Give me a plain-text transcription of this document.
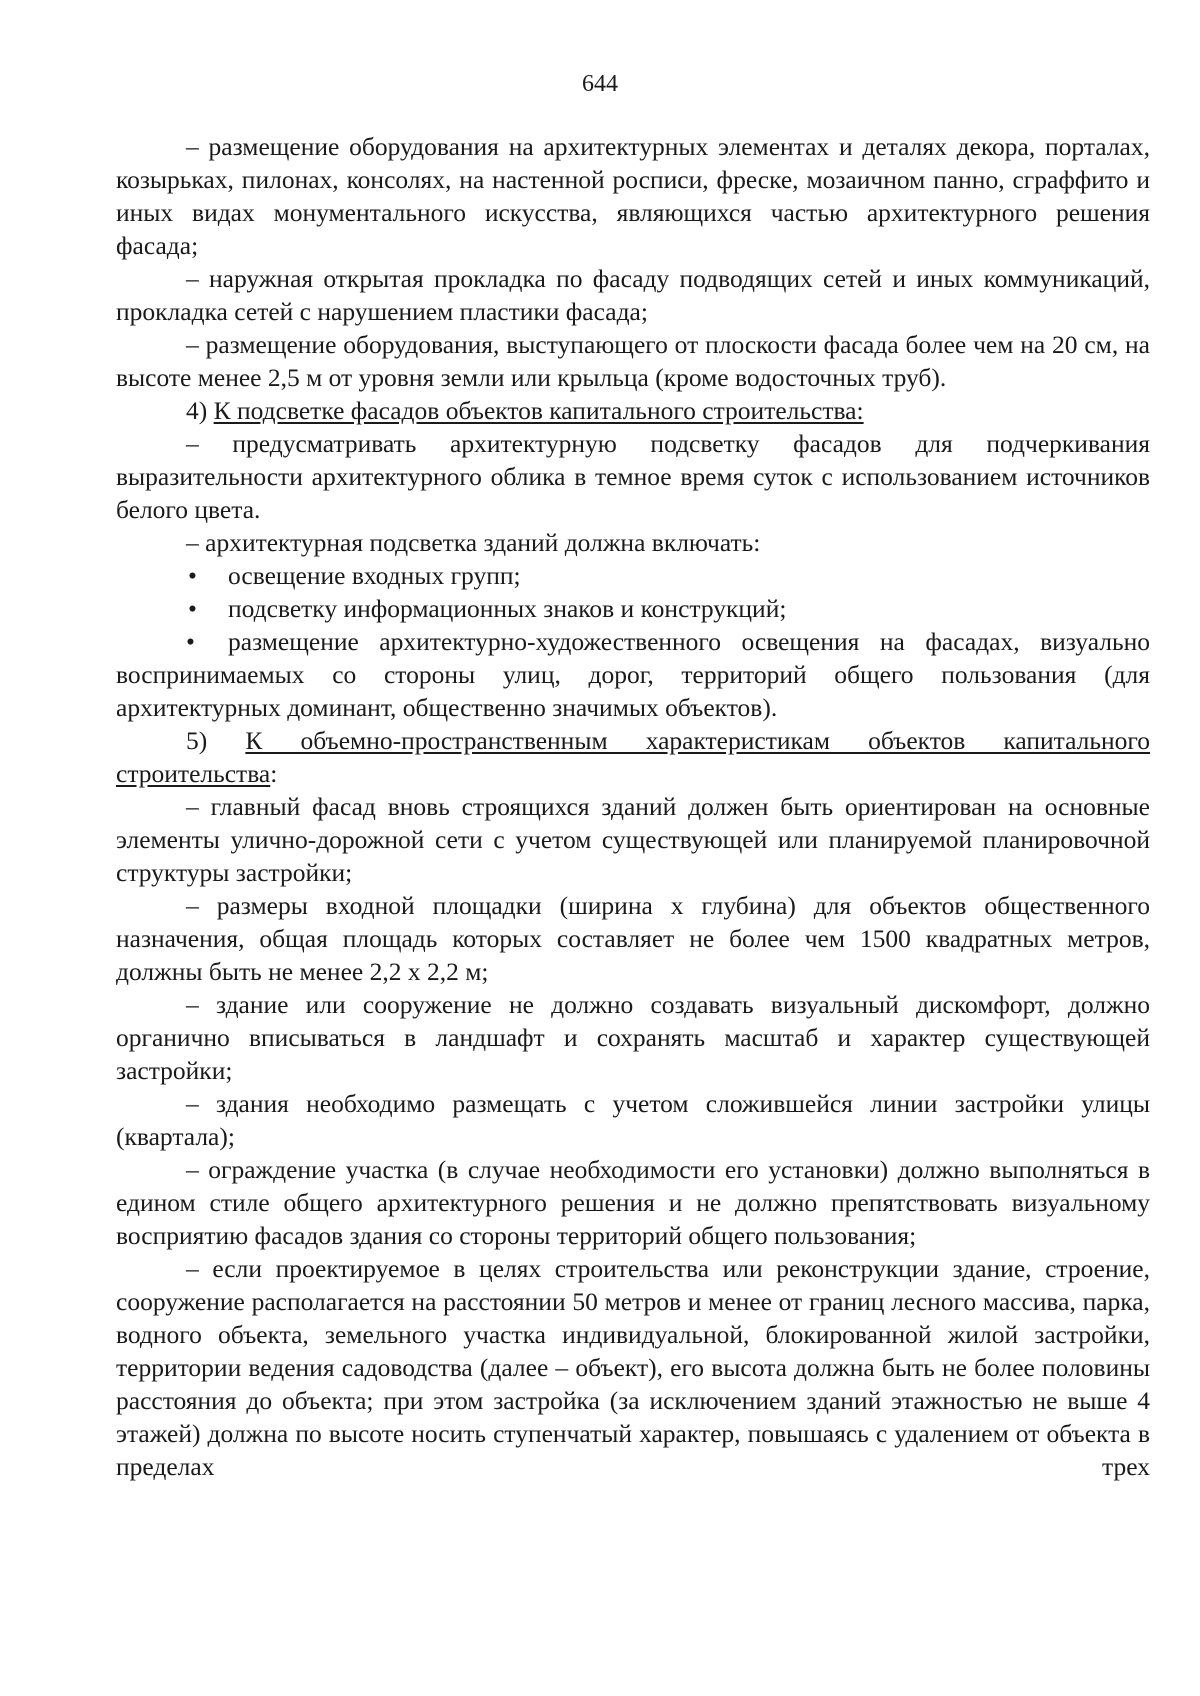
644

– размещение оборудования на архитектурных элементах и деталях декора, порталах, козырьках, пилонах, консолях, на настенной росписи, фреске, мозаичном панно, сграффито и иных видах монументального искусства, являющихся частью архитектурного решения фасада;

– наружная открытая прокладка по фасаду подводящих сетей и иных коммуникаций, прокладка сетей с нарушением пластики фасада;

– размещение оборудования, выступающего от плоскости фасада более чем на 20 см, на высоте менее 2,5 м от уровня земли или крыльца (кроме водосточных труб).

4) К подсветке фасадов объектов капитального строительства:

– предусматривать архитектурную подсветку фасадов для подчеркивания выразительности архитектурного облика в темное время суток с использованием источников белого цвета.

– архитектурная подсветка зданий должна включать:

• освещение входных групп;

• подсветку информационных знаков и конструкций;

• размещение архитектурно-художественного освещения на фасадах, визуально воспринимаемых со стороны улиц, дорог, территорий общего пользования (для архитектурных доминант, общественно значимых объектов).

5) К объемно-пространственным характеристикам объектов капитального строительства:

– главный фасад вновь строящихся зданий должен быть ориентирован на основные элементы улично-дорожной сети с учетом существующей или планируемой планировочной структуры застройки;

– размеры входной площадки (ширина х глубина) для объектов общественного назначения, общая площадь которых составляет не более чем 1500 квадратных метров, должны быть не менее 2,2 х 2,2 м;

– здание или сооружение не должно создавать визуальный дискомфорт, должно органично вписываться в ландшафт и сохранять масштаб и характер существующей застройки;

– здания необходимо размещать с учетом сложившейся линии застройки улицы (квартала);

– ограждение участка (в случае необходимости его установки) должно выполняться в едином стиле общего архитектурного решения и не должно препятствовать визуальному восприятию фасадов здания со стороны территорий общего пользования;

– если проектируемое в целях строительства или реконструкции здание, строение, сооружение располагается на расстоянии 50 метров и менее от границ лесного массива, парка, водного объекта, земельного участка индивидуальной, блокированной жилой застройки, территории ведения садоводства (далее – объект), его высота должна быть не более половины расстояния до объекта; при этом застройка (за исключением зданий этажностью не выше 4 этажей) должна по высоте носить ступенчатый характер, повышаясь с удалением от объекта в пределах трех
